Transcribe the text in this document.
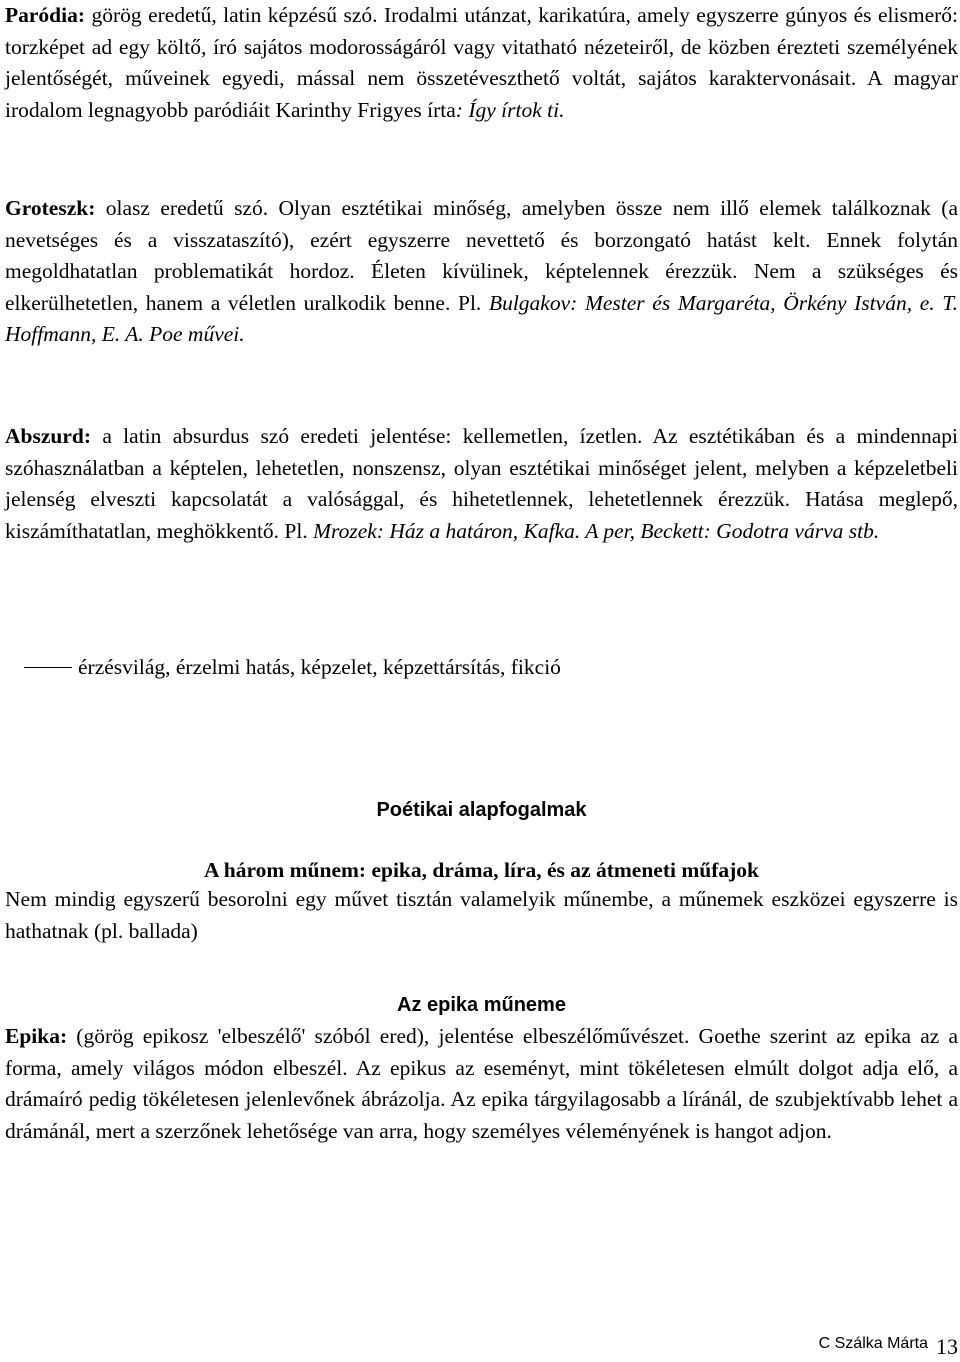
Paródia: görög eredetű, latin képzésű szó. Irodalmi utánzat, karikatúra, amely egyszerre gúnyos és elismerő: torzképet ad egy költő, író sajátos modorosságáról vagy vitatható nézeteiről, de közben érezteti személyének jelentőségét, műveinek egyedi, mással nem összetéveszthető voltát, sajátos karaktervonásait. A magyar irodalom legnagyobb paródiáit Karinthy Frigyes írta: Így írtok ti.

Groteszk: olasz eredetű szó. Olyan esztétikai minőség, amelyben össze nem illő elemek találkoznak (a nevetséges és a visszataszító), ezért egyszerre nevettető és borzongató hatást kelt. Ennek folytán megoldhatatlan problematikát hordoz. Életen kívülinek, képtelennek érezzük. Nem a szükséges és elkerülhetetlen, hanem a véletlen uralkodik benne. Pl. Bulgakov: Mester és Margaréta, Örkény István, e. T. Hoffmann, E. A. Poe művei.

Abszurd: a latin absurdus szó eredeti jelentése: kellemetlen, ízetlen. Az esztétikában és a mindennapi szóhasználatban a képtelen, lehetetlen, nonszensz, olyan esztétikai minőséget jelent, melyben a képzeletbeli jelenség elveszti kapcsolatát a valósággal, és hihetetlennek, lehetetlennek érezzük. Hatása meglepő, kiszámíthatatlan, meghökkentő. Pl. Mrozek: Ház a határon, Kafka. A per, Beckett: Godotra várva stb.

érzésvilág, érzelmi hatás, képzelet, képzettársítás, fikció
Poétikai alapfogalmak
A három műnem: epika, dráma, líra, és az átmeneti műfajok

Nem mindig egyszerű besorolni egy művet tisztán valamelyik műnembe, a műnemek eszközei egyszerre is hathatnak (pl. ballada)

Az epika műneme

Epika: (görög epikosz 'elbeszélő' szóból ered), jelentése elbeszélőművészet. Goethe szerint az epika az a forma, amely világos módon elbeszél. Az epikus az eseményt, mint tökéletesen elmúlt dolgot adja elő, a drámaíró pedig tökéletesen jelenlevőnek ábrázolja. Az epika tárgyilagosabb a líránál, de szubjektívabb lehet a drámánál, mert a szerzőnek lehetősége van arra, hogy személyes véleményének is hangot adjon.

C Szálka Márta 13
